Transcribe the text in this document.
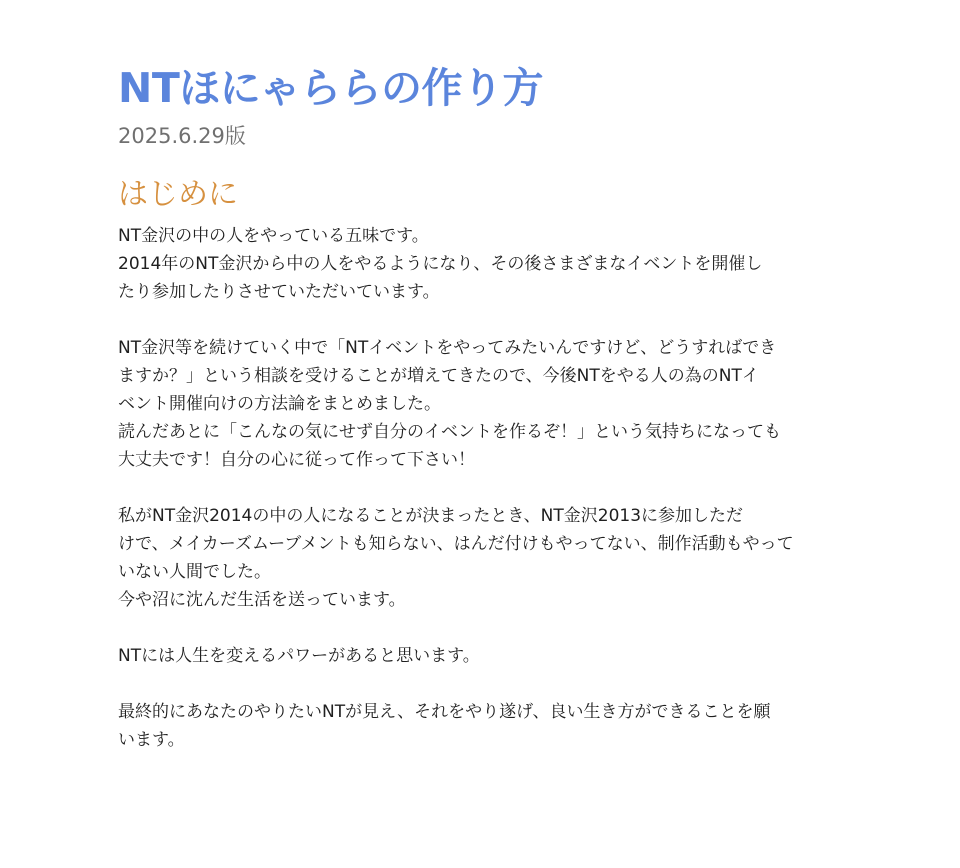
NTほにゃららの作り方
2025.6.29版
はじめに

NT金沢の中の人をやっている五味です。
2014年のNT金沢から中の人をやるようになり、その後さまざまなイベントを開催し
たり参加したりさせていただいています。

NT金沢等を続けていく中で「NTイベントをやってみたいんですけど、どうすればでき
ますか？」という相談を受けることが増えてきたので、今後NTをやる人の為のNTイ
ベント開催向けの方法論をまとめました。
読んだあとに「こんなの気にせず自分のイベントを作るぞ！」という気持ちになっても
大丈夫です！自分の心に従って作って下さい！

私がNT金沢2014の中の人になることが決まったとき、NT金沢2013に参加しただ
けで、メイカーズムーブメントも知らない、はんだ付けもやってない、制作活動もやって
いない人間でした。
今や沼に沈んだ生活を送っています。

NTには人生を変えるパワーがあると思います。

最終的にあなたのやりたいNTが見え、それをやり遂げ、良い生き方ができることを願
います。
